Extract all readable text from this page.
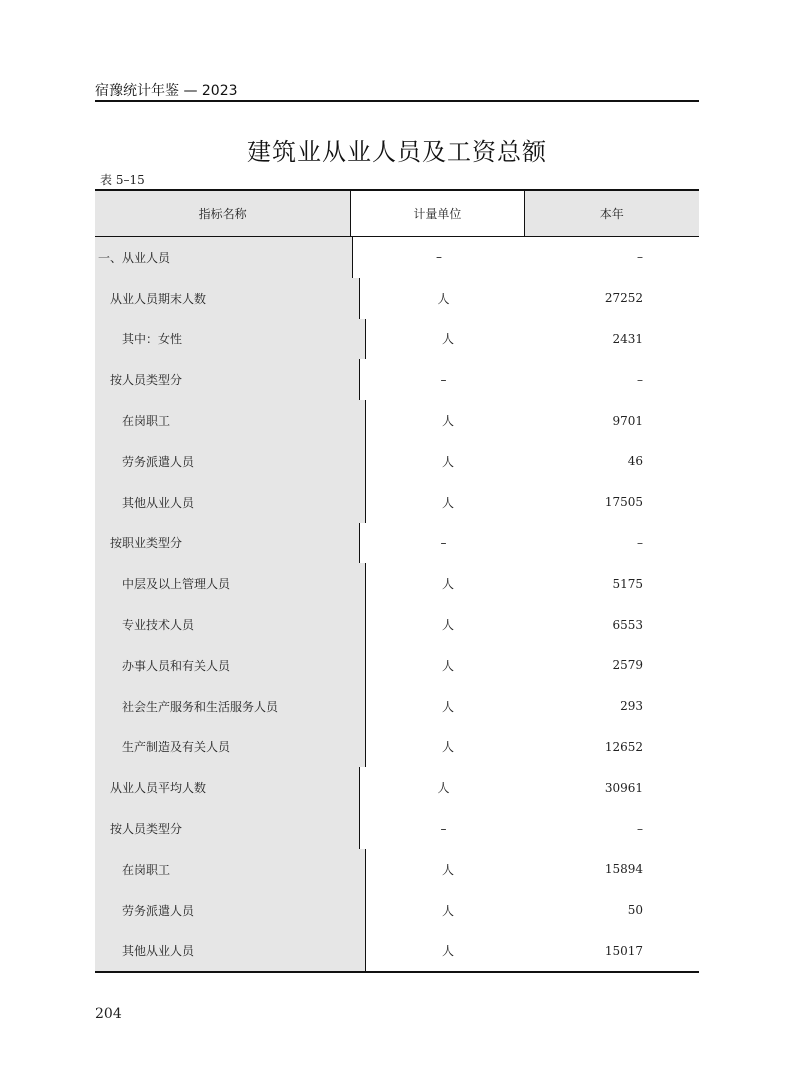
宿豫统计年鉴 — 2023
建筑业从业人员及工资总额
表 5–15
指标名称	计量单位	本年
一、从业人员	–	–
从业人员期末人数	人	27252
其中：女性	人	2431
按人员类型分	–	–
在岗职工	人	9701
劳务派遣人员	人	46
其他从业人员	人	17505
按职业类型分	–	–
中层及以上管理人员	人	5175
专业技术人员	人	6553
办事人员和有关人员	人	2579
社会生产服务和生活服务人员	人	293
生产制造及有关人员	人	12652
从业人员平均人数	人	30961
按人员类型分	–	–
在岗职工	人	15894
劳务派遣人员	人	50
其他从业人员	人	15017
204
